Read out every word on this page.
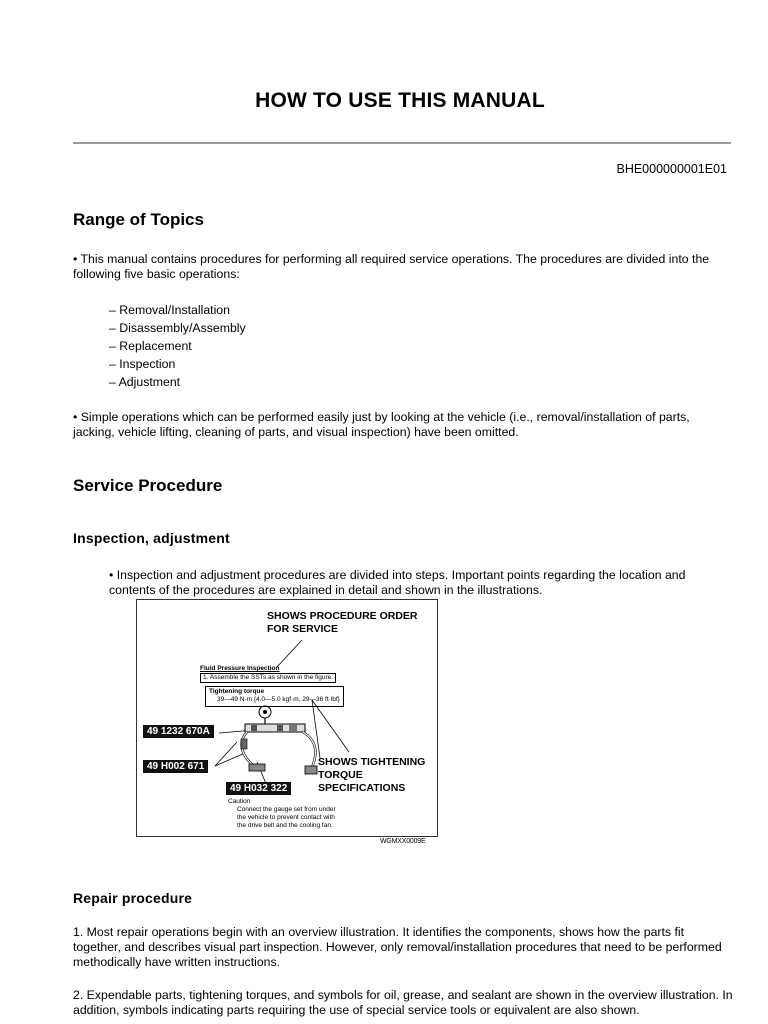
HOW TO USE THIS MANUAL
BHE000000001E01
Range of Topics
• This manual contains procedures for performing all required service operations. The procedures are divided into the following five basic operations:
– Removal/Installation
– Disassembly/Assembly
– Replacement
– Inspection
– Adjustment
• Simple operations which can be performed easily just by looking at the vehicle (i.e., removal/installation of parts, jacking, vehicle lifting, cleaning of parts, and visual inspection) have been omitted.
Service Procedure
Inspection, adjustment
• Inspection and adjustment procedures are divided into steps. Important points regarding the location and contents of the procedures are explained in detail and shown in the illustrations.
SHOWS PROCEDURE ORDER
FOR SERVICE
Fluid Pressure Inspection
1. Assemble the SSTs as shown in the figure.
Tightening torque
39—49 N·m {4.0—5.0 kgf·m, 29—36 ft·lbf}
49 1232 670A
49 H002 671
49 H032 322
SHOWS TIGHTENING
TORQUE
SPECIFICATIONS
Caution
Connect the gauge set from under
the vehicle to prevent contact with
the drive belt and the cooling fan.
WGMXX0009E
Repair procedure
1. Most repair operations begin with an overview illustration. It identifies the components, shows how the parts fit together, and describes visual part inspection. However, only removal/installation procedures that need to be performed methodically have written instructions.
2. Expendable parts, tightening torques, and symbols for oil, grease, and sealant are shown in the overview illustration. In addition, symbols indicating parts requiring the use of special service tools or equivalent are also shown.
